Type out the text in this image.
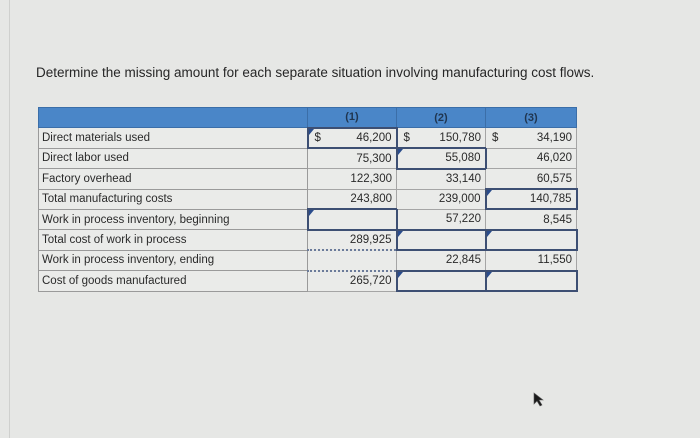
Determine the missing amount for each separate situation involving manufacturing cost flows.
	(1)	(2)	(3)
Direct materials used	$ 46,200	$ 150,780	$ 34,190
Direct labor used	75,300	55,080	46,020
Factory overhead	122,300	33,140	60,575
Total manufacturing costs	243,800	239,000	140,785
Work in process inventory, beginning		57,220	8,545
Total cost of work in process	289,925		
Work in process inventory, ending		22,845	11,550
Cost of goods manufactured	265,720		
